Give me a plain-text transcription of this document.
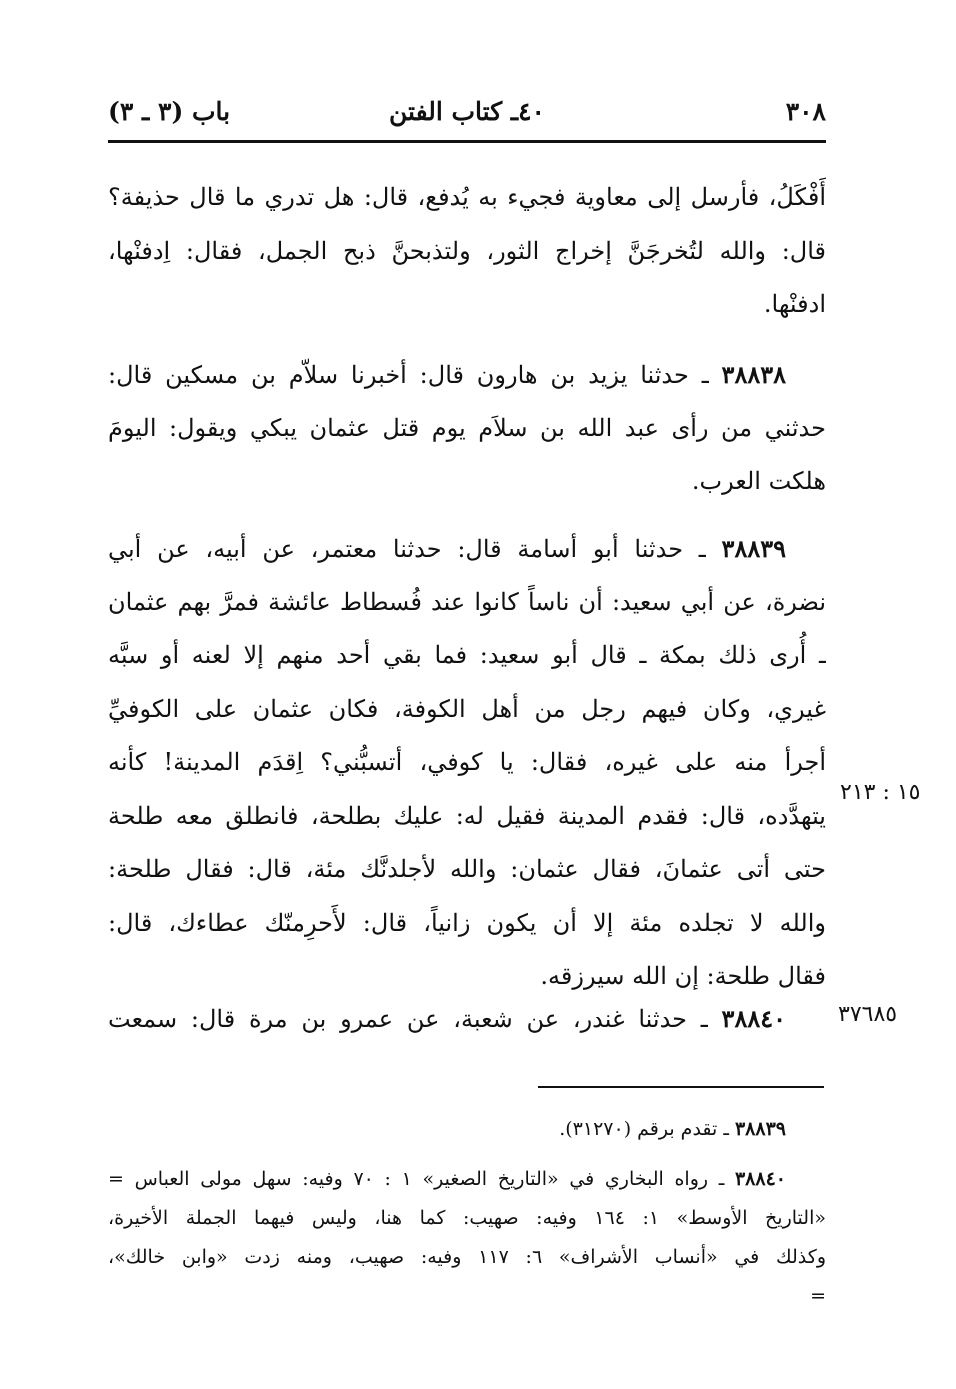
٣٠٨
٤٠ـ كتاب الفتن
باب (٣ ـ ٣)
أَفْكَلُ، فأرسل إلى معاوية فجيء به يُدفع، قال: هل تدري ما قال حذيفة؟
قال: والله لتُخرجَنَّ إخراج الثور، ولتذبحنَّ ذبح الجمل، فقال: اِدفنْها،
ادفنْها.
٣٨٨٣٨ ـ حدثنا يزيد بن هارون قال: أخبرنا سلاّم بن مسكين قال:
حدثني من رأى عبد الله بن سلاَم يوم قتل عثمان يبكي ويقول: اليومَ
هلكت العرب.
٣٨٨٣٩ ـ حدثنا أبو أسامة قال: حدثنا معتمر، عن أبيه، عن أبي
نضرة، عن أبي سعيد: أن ناساً كانوا عند فُسطاط عائشة فمرَّ بهم عثمان
ـ أُرى ذلك بمكة ـ قال أبو سعيد: فما بقي أحد منهم إلا لعنه أو سبَّه
غيري، وكان فيهم رجل من أهل الكوفة، فكان عثمان على الكوفيِّ
أجرأ منه على غيره، فقال: يا كوفي، أتسبُّني؟ اِقدَم المدينة! كأنه
يتهدَّده، قال: فقدم المدينة فقيل له: عليك بطلحة، فانطلق معه طلحة
حتى أتى عثمانَ، فقال عثمان: والله لأجلدنَّك مئة، قال: فقال طلحة:
والله لا تجلده مئة إلا أن يكون زانياً، قال: لأَحرِمنّك عطاءك، قال:
فقال طلحة: إن الله سيرزقه.
٣٨٨٤٠ ـ حدثنا غندر، عن شعبة، عن عمرو بن مرة قال: سمعت
١٥ : ٢١٣
٣٧٦٨٥
٣٨٨٣٩ ـ تقدم برقم (٣١٢٧٠).
٣٨٨٤٠ ـ رواه البخاري في «التاريخ الصغير» ١ : ٧٠ وفيه: سهل مولى العباس =
«التاريخ الأوسط» ١: ١٦٤ وفيه: صهيب: كما هنا، وليس فيهما الجملة الأخيرة،
وكذلك في «أنساب الأشراف» ٦: ١١٧ وفيه: صهيب، ومنه زدت «وابن خالك»،
=
